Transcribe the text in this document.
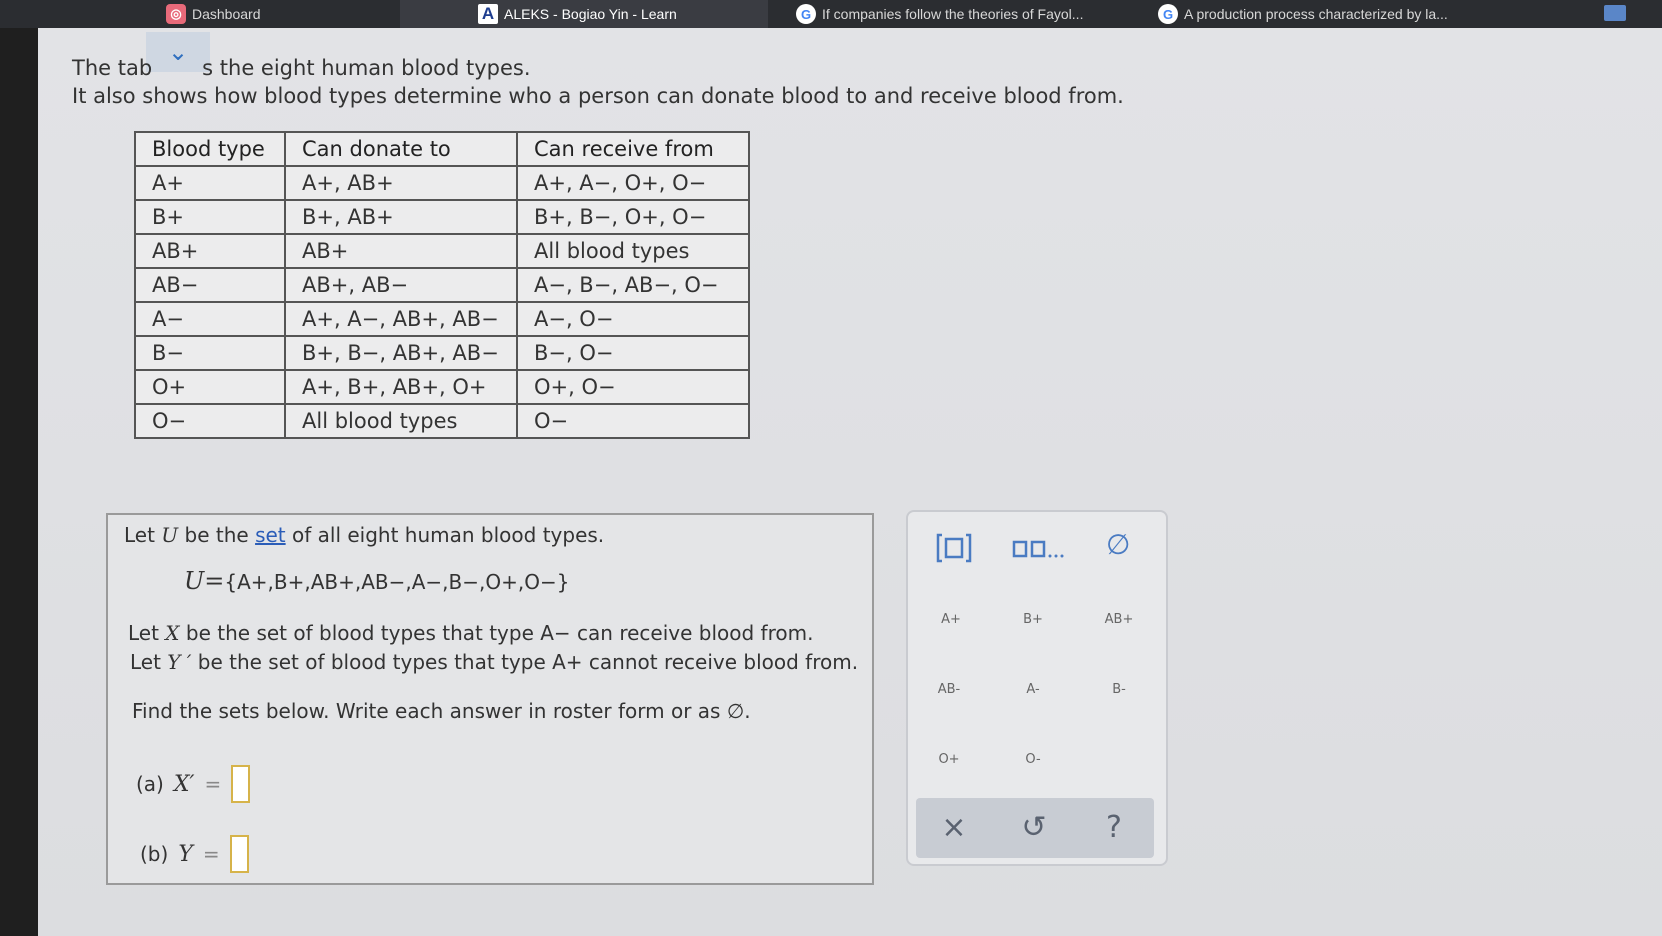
◎ Dashboard	A ALEKS - Bogiao Yin - Learn	G If companies follow the theories of Fayol...	G A production process characterized by la...
⌄
The tab s the eight human blood types.
It also shows how blood types determine who a person can donate blood to and receive blood from.
Blood type	Can donate to	Can receive from
A+	A+, AB+	A+, A−, O+, O−
B+	B+, AB+	B+, B−, O+, O−
AB+	AB+	All blood types
AB−	AB+, AB−	A−, B−, AB−, O−
A−	A+, A−, AB+, AB−	A−, O−
B−	B+, B−, AB+, AB−	B−, O−
O+	A+, B+, AB+, O+	O+, O−
O−	All blood types	O−
Let U be the set of all eight human blood types.
U={A+,B+,AB+,AB−,A−,B−,O+,O−}
Let X be the set of blood types that type A− can receive blood from.
Let Y ′ be the set of blood types that type A+ cannot receive blood from.
Find the sets below. Write each answer in roster form or as ∅.
(a) X′ =
(b) Y =
∅
A+	B+	AB+
AB-	A-	B-
O+	O-
× ↺	?
